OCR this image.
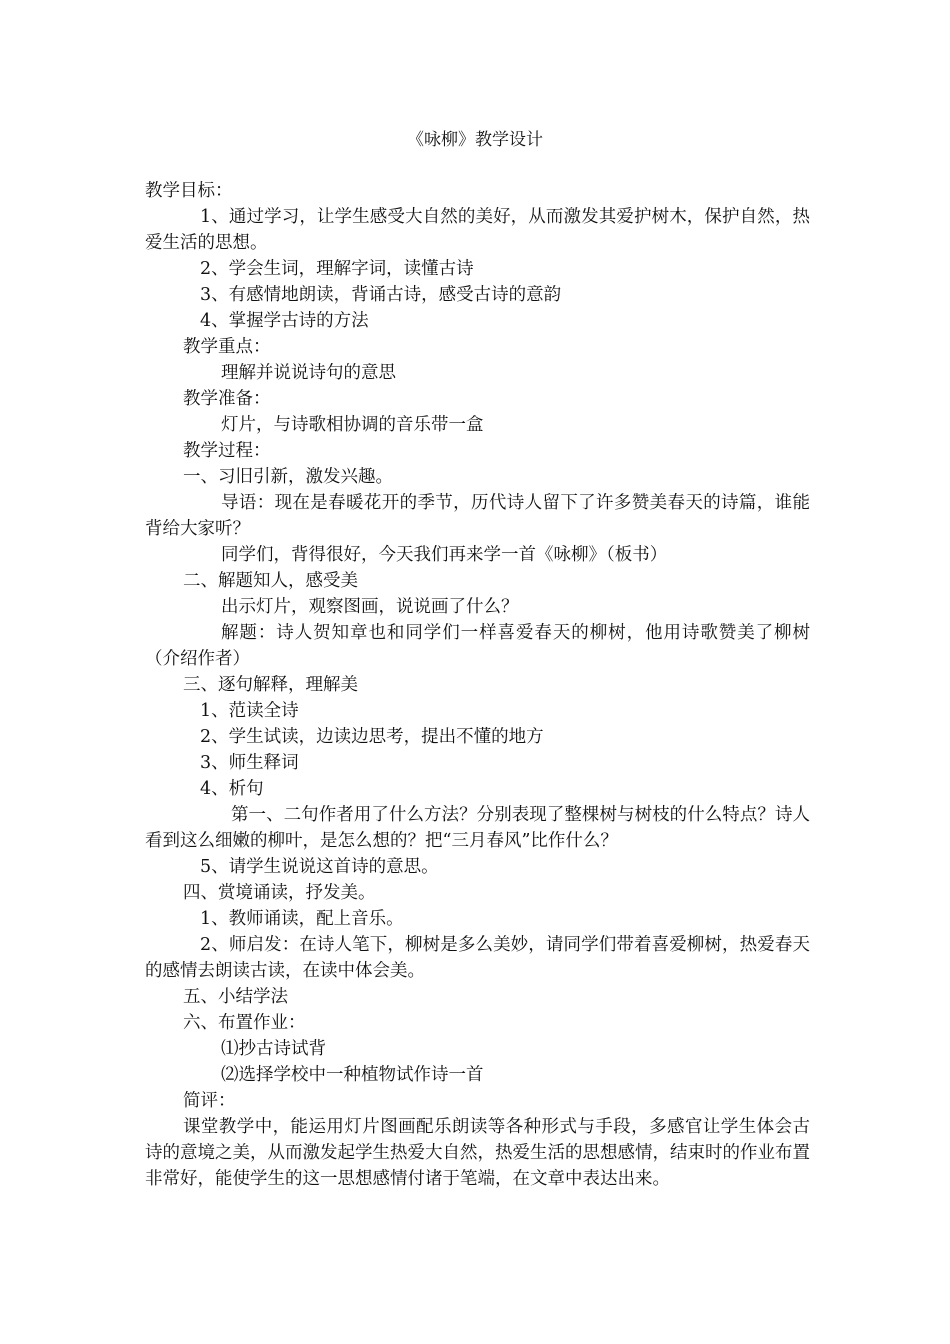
《咏柳》教学设计
教学目标：
1、通过学习，让学生感受大自然的美好，从而激发其爱护树木，保护自然，热爱生活的思想。
2、学会生词，理解字词，读懂古诗
3、有感情地朗读，背诵古诗，感受古诗的意韵
4、掌握学古诗的方法
教学重点：
理解并说说诗句的意思
教学准备：
灯片，与诗歌相协调的音乐带一盒
教学过程：
一、习旧引新，激发兴趣。
导语：现在是春暖花开的季节，历代诗人留下了许多赞美春天的诗篇，谁能背给大家听？
同学们，背得很好，今天我们再来学一首《咏柳》（板书）
二、解题知人，感受美
出示灯片，观察图画，说说画了什么？
解题：诗人贺知章也和同学们一样喜爱春天的柳树，他用诗歌赞美了柳树（介绍作者）
三、逐句解释，理解美
1、范读全诗
2、学生试读，边读边思考，提出不懂的地方
3、师生释词
4、析句
第一、二句作者用了什么方法？分别表现了整棵树与树枝的什么特点？诗人看到这么细嫩的柳叶，是怎么想的？把“三月春风”比作什么？
5、请学生说说这首诗的意思。
四、赏境诵读，抒发美。
1、教师诵读，配上音乐。
2、师启发：在诗人笔下，柳树是多么美妙，请同学们带着喜爱柳树，热爱春天的感情去朗读古读，在读中体会美。
五、小结学法
六、布置作业：
⑴抄古诗试背
⑵选择学校中一种植物试作诗一首
简评：
课堂教学中，能运用灯片图画配乐朗读等各种形式与手段，多感官让学生体会古诗的意境之美，从而激发起学生热爱大自然，热爱生活的思想感情，结束时的作业布置非常好，能使学生的这一思想感情付诸于笔端，在文章中表达出来。
